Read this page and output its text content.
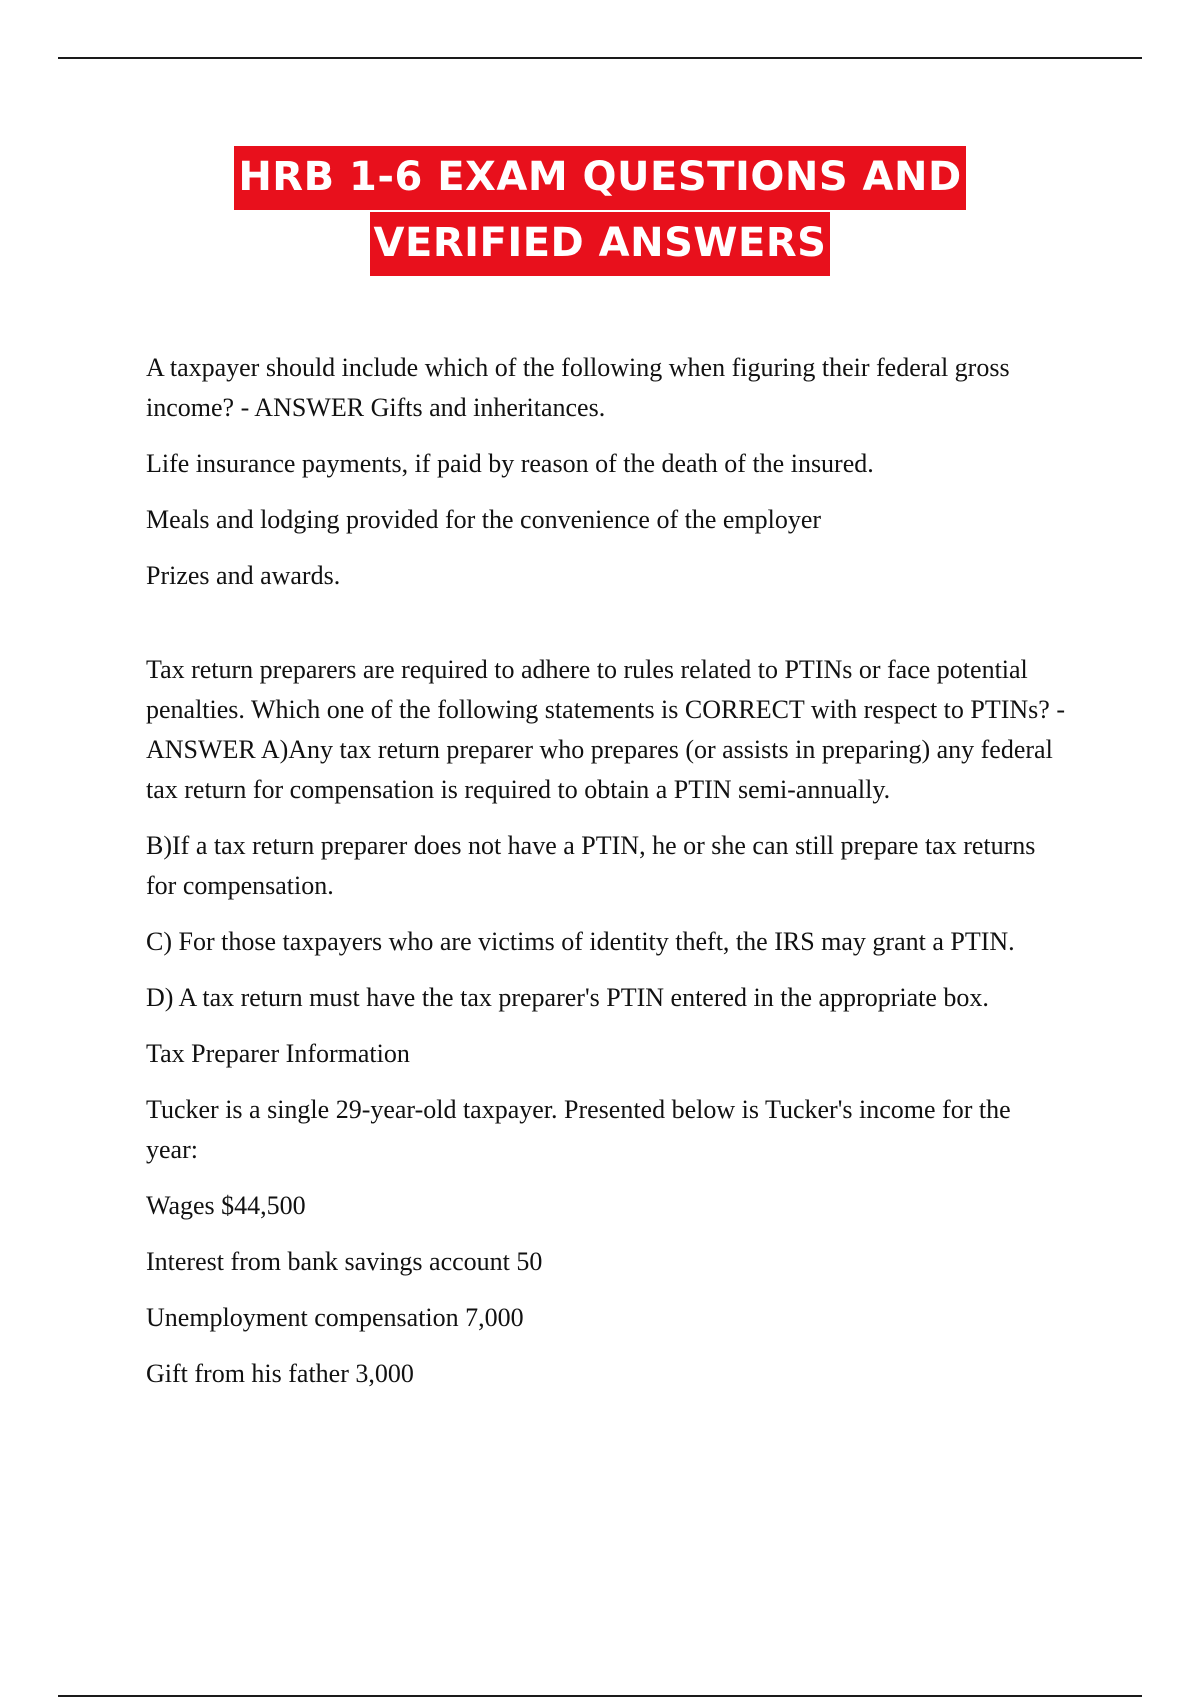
HRB 1-6 EXAM QUESTIONS AND
VERIFIED ANSWERS

A taxpayer should include which of the following when figuring their federal gross income? - ANSWER Gifts and inheritances.

Life insurance payments, if paid by reason of the death of the insured.

Meals and lodging provided for the convenience of the employer

Prizes and awards.

Tax return preparers are required to adhere to rules related to PTINs or face potential penalties. Which one of the following statements is CORRECT with respect to PTINs? - ANSWER A)Any tax return preparer who prepares (or assists in preparing) any federal tax return for compensation is required to obtain a PTIN semi-annually.

B)If a tax return preparer does not have a PTIN, he or she can still prepare tax returns for compensation.

C) For those taxpayers who are victims of identity theft, the IRS may grant a PTIN.

D) A tax return must have the tax preparer's PTIN entered in the appropriate box.

Tax Preparer Information

Tucker is a single 29-year-old taxpayer. Presented below is Tucker's income for the year:

Wages $44,500

Interest from bank savings account 50

Unemployment compensation 7,000

Gift from his father 3,000
